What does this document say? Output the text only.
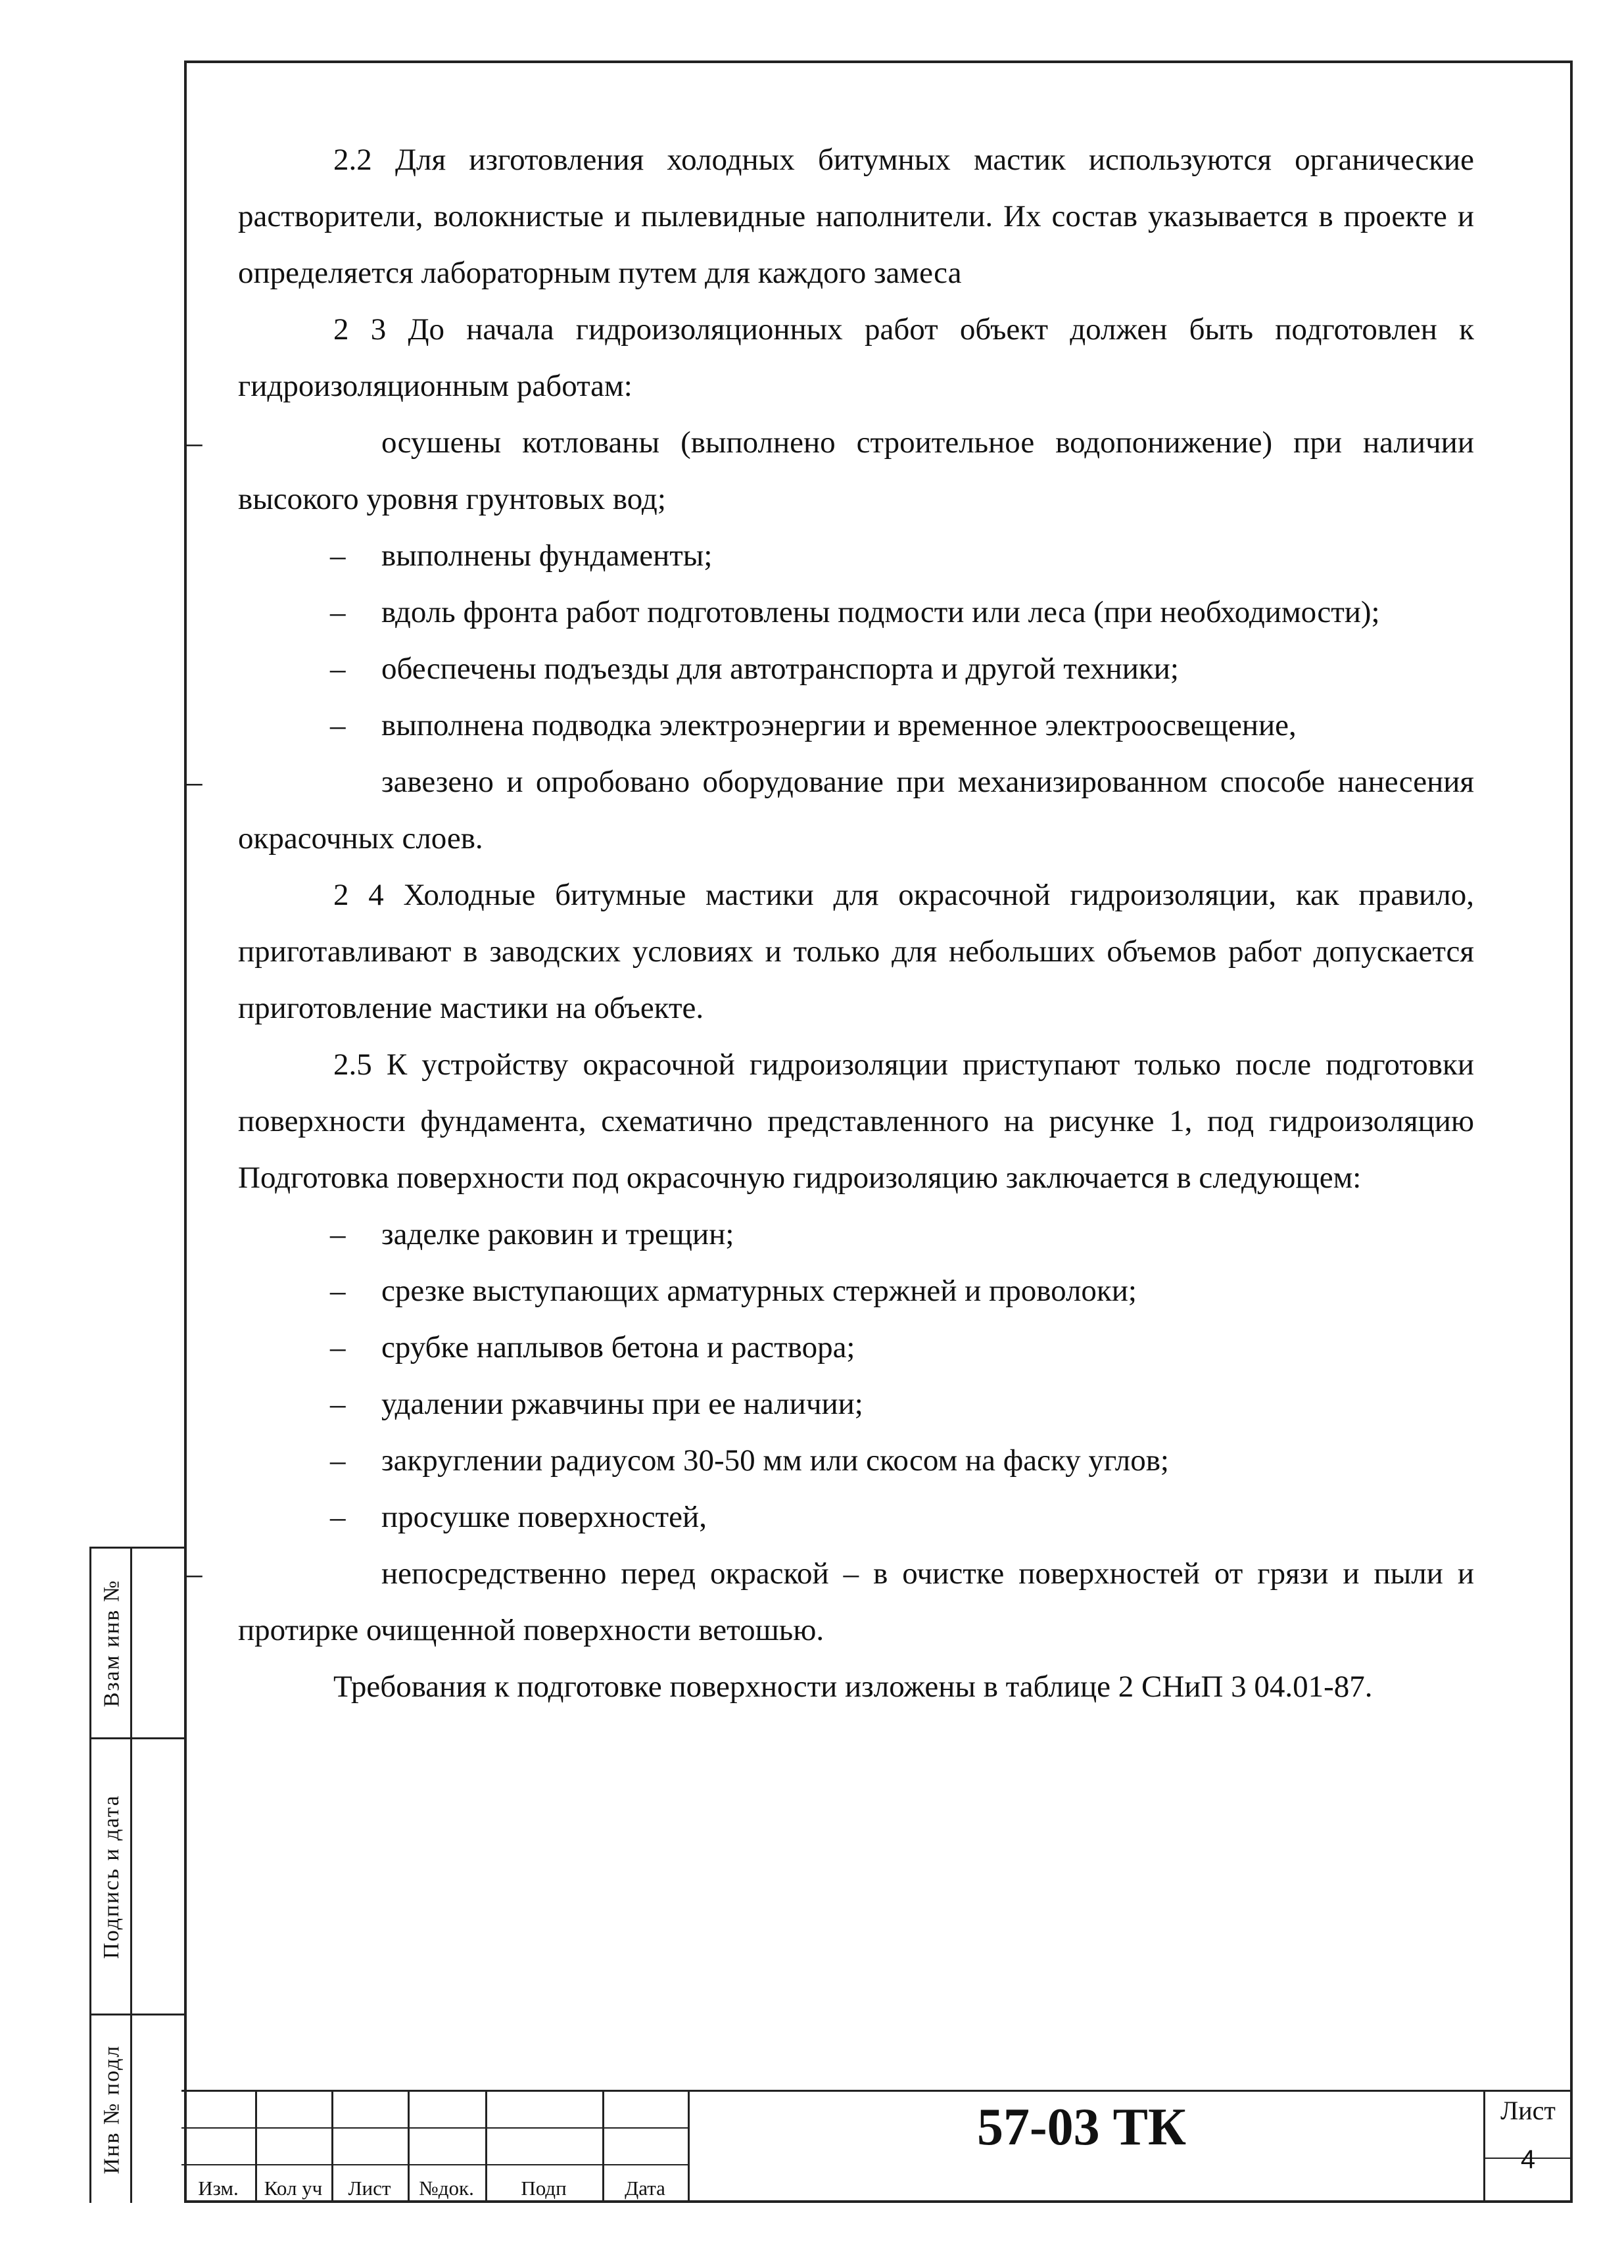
2.2 Для изготовления холодных битумных мастик используются органические растворители, волокнистые и пылевидные наполнители. Их состав указывается в проекте и определяется лабораторным путем для каждого замеса

2 3 До начала гидроизоляционных работ объект должен быть подготовлен к гидроизоляционным работам:

–	осушены котлованы (выполнено строительное водопонижение) при наличии высокого уровня грунтовых вод;

– выполнены фундаменты;

– вдоль фронта работ подготовлены подмости или леса (при необходимости);

– обеспечены подъезды для автотранспорта и другой техники;

– выполнена подводка электроэнергии и временное электроосвещение,

–	завезено и опробовано оборудование при механизированном способе нанесения окрасочных слоев.

2 4 Холодные битумные мастики для окрасочной гидроизоляции, как правило, приготавливают в заводских условиях и только для небольших объемов работ допускается приготовление мастики на объекте.

2.5 К устройству окрасочной гидроизоляции приступают только после подготовки поверхности фундамента, схематично представленного на рисунке 1, под гидроизоляцию Подготовка поверхности под окрасочную гидроизоляцию заключается в следующем:

– заделке раковин и трещин;

– срезке выступающих арматурных стержней и проволоки;

– срубке наплывов бетона и раствора;

– удалении ржавчины при ее наличии;

– закруглении радиусом 30-50 мм или скосом на фаску углов;

– просушке поверхностей,

–	непосредственно перед окраской – в очистке поверхностей от грязи и пыли и протирке очищенной поверхности ветошью.

Требования к подготовке поверхности изложены в таблице 2 СНиП 3 04.01-87.

Взам инв №
Подпись и дата
Инв № подл
Изм.	Кол уч	Лист	№док.	Подп	Дата
57-03 ТК	Лист
4
